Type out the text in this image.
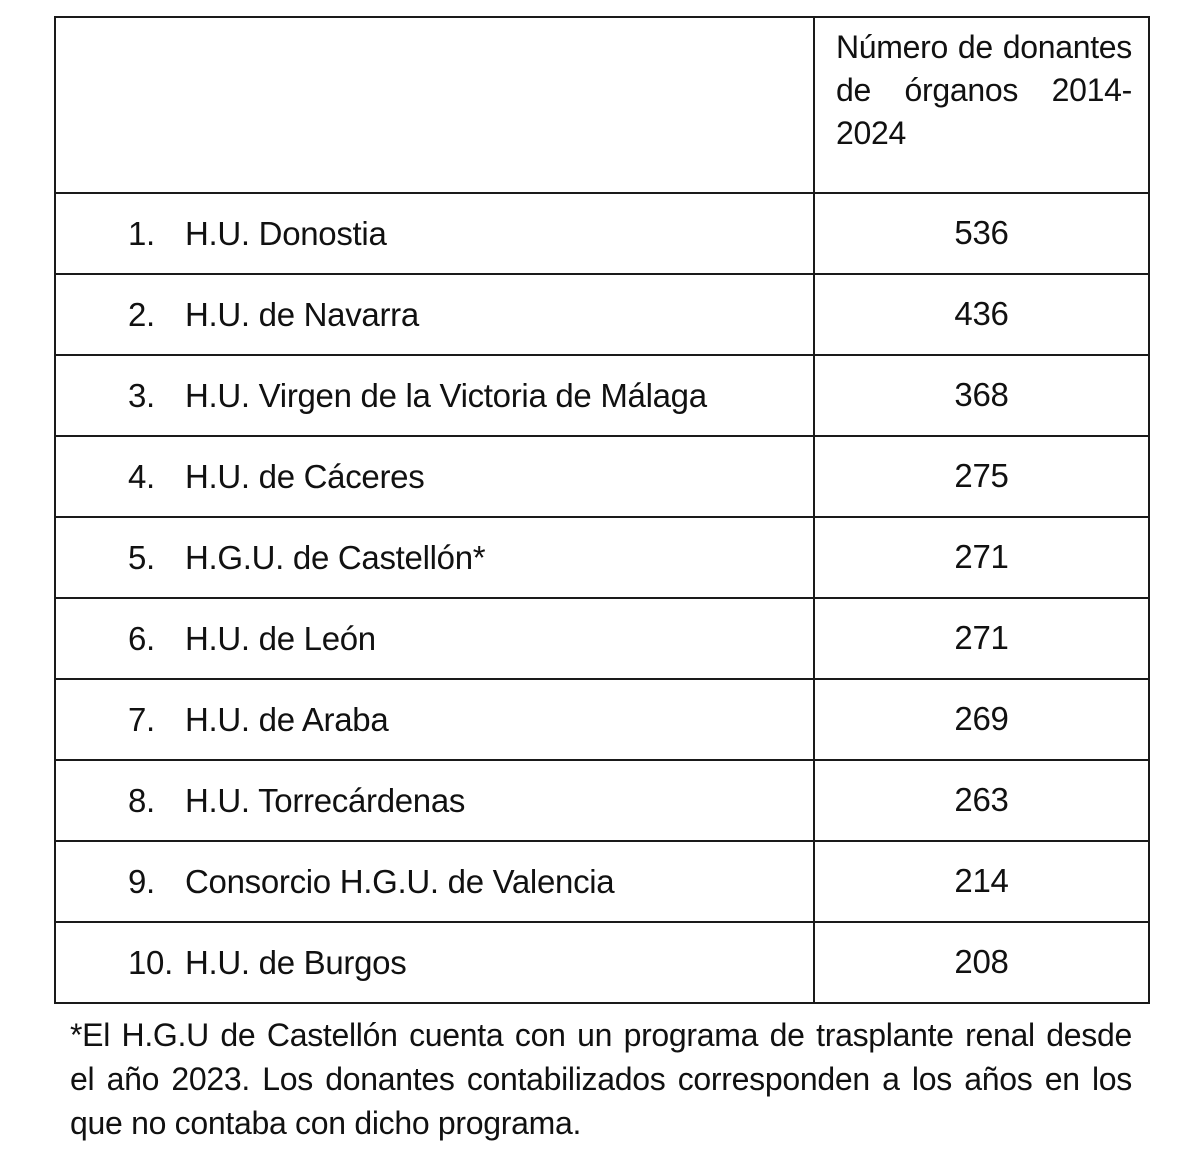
	Número de donantes de órganos 2014-2024

1. H.U. Donostia	536

2. H.U. de Navarra	436

3. H.U. Virgen de la Victoria de Málaga	368

4. H.U. de Cáceres	275

5. H.G.U. de Castellón*	271

6. H.U. de León	271

7. H.U. de Araba	269

8. H.U. Torrecárdenas	263

9. Consorcio H.G.U. de Valencia	214

10. H.U. de Burgos	208

*El H.G.U de Castellón cuenta con un programa de trasplante renal desde el año 2023. Los donantes contabilizados corresponden a los años en los que no contaba con dicho programa.
